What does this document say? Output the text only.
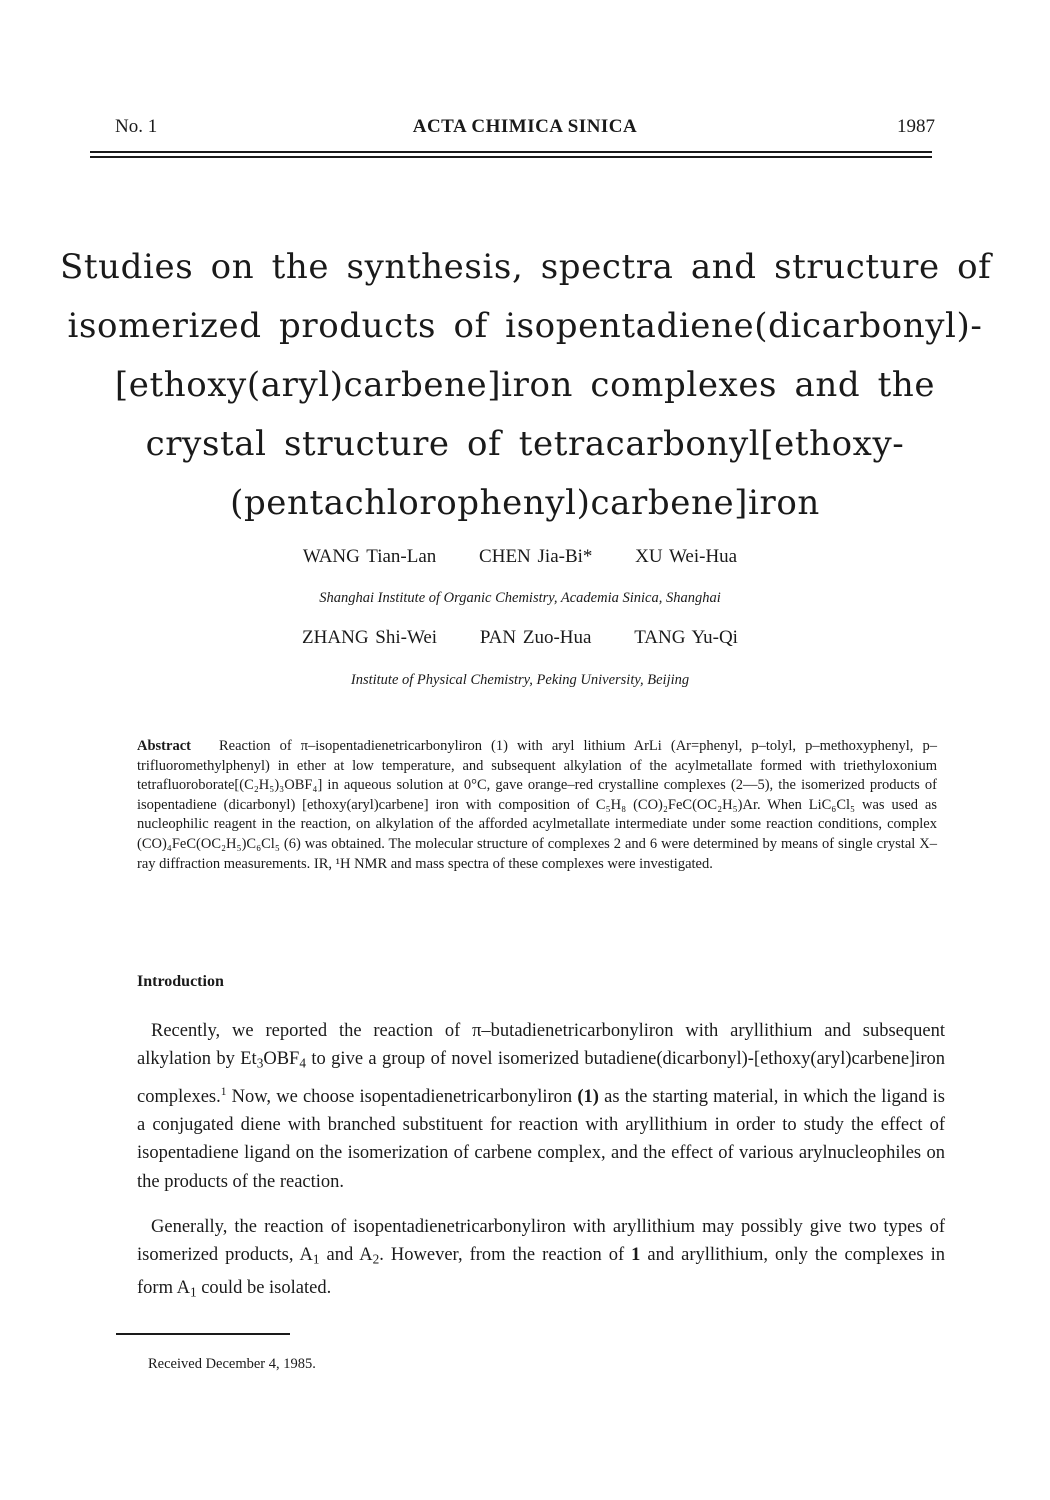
No. 1	ACTA CHIMICA SINICA	1987
Studies on the synthesis, spectra and structure of
isomerized products of isopentadiene(dicarbonyl)-
[ethoxy(aryl)carbene]iron complexes and the
crystal structure of tetracarbonyl[ethoxy-
(pentachlorophenyl)carbene]iron
WANG Tian-Lan CHEN Jia-Bi* XU Wei-Hua
Shanghai Institute of Organic Chemistry, Academia Sinica, Shanghai
ZHANG Shi-Wei PAN Zuo-Hua TANG Yu-Qi
Institute of Physical Chemistry, Peking University, Beijing
Abstract Reaction of π–isopentadienetricarbonyliron (1) with aryl lithium ArLi (Ar=phenyl, p–tolyl, p–methoxyphenyl, p–trifluoromethylphenyl) in ether at low temperature, and subsequent alkylation of the acylmetallate formed with triethyloxonium tetrafluoroborate[(C₂H₅)₃OBF₄] in aqueous solution at 0°C, gave orange–red crystalline complexes (2—5), the isomerized products of isopentadiene (dicarbonyl) [ethoxy(aryl)carbene] iron with composition of C₅H₈ (CO)₂FeC(OC₂H₅)Ar. When LiC₆Cl₅ was used as nucleophilic reagent in the reaction, on alkylation of the afforded acylmetallate intermediate under some reaction conditions, complex (CO)₄FeC(OC₂H₅)C₆Cl₅ (6) was obtained. The molecular structure of complexes 2 and 6 were determined by means of single crystal X–ray diffraction measurements. IR, ¹H NMR and mass spectra of these complexes were investigated.
Introduction
Recently, we reported the reaction of π–butadienetricarbonyliron with aryllithium and subsequent alkylation by $Et_3OBF_4$ to give a group of novel isomerized butadiene(dicarbonyl)-[ethoxy(aryl)carbene]iron complexes.$^1$ Now, we choose isopentadienetricarbonyliron (1) as the starting material, in which the ligand is a conjugated diene with branched substituent for reaction with aryllithium in order to study the effect of isopentadiene ligand on the isomerization of carbene complex, and the effect of various arylnucleophiles on the products of the reaction.
Generally, the reaction of isopentadienetricarbonyliron with aryllithium may possibly give two types of isomerized products, $A_1$ and $A_2$. However, from the reaction of 1 and aryllithium, only the complexes in form $A_1$ could be isolated.
Received December 4, 1985.
